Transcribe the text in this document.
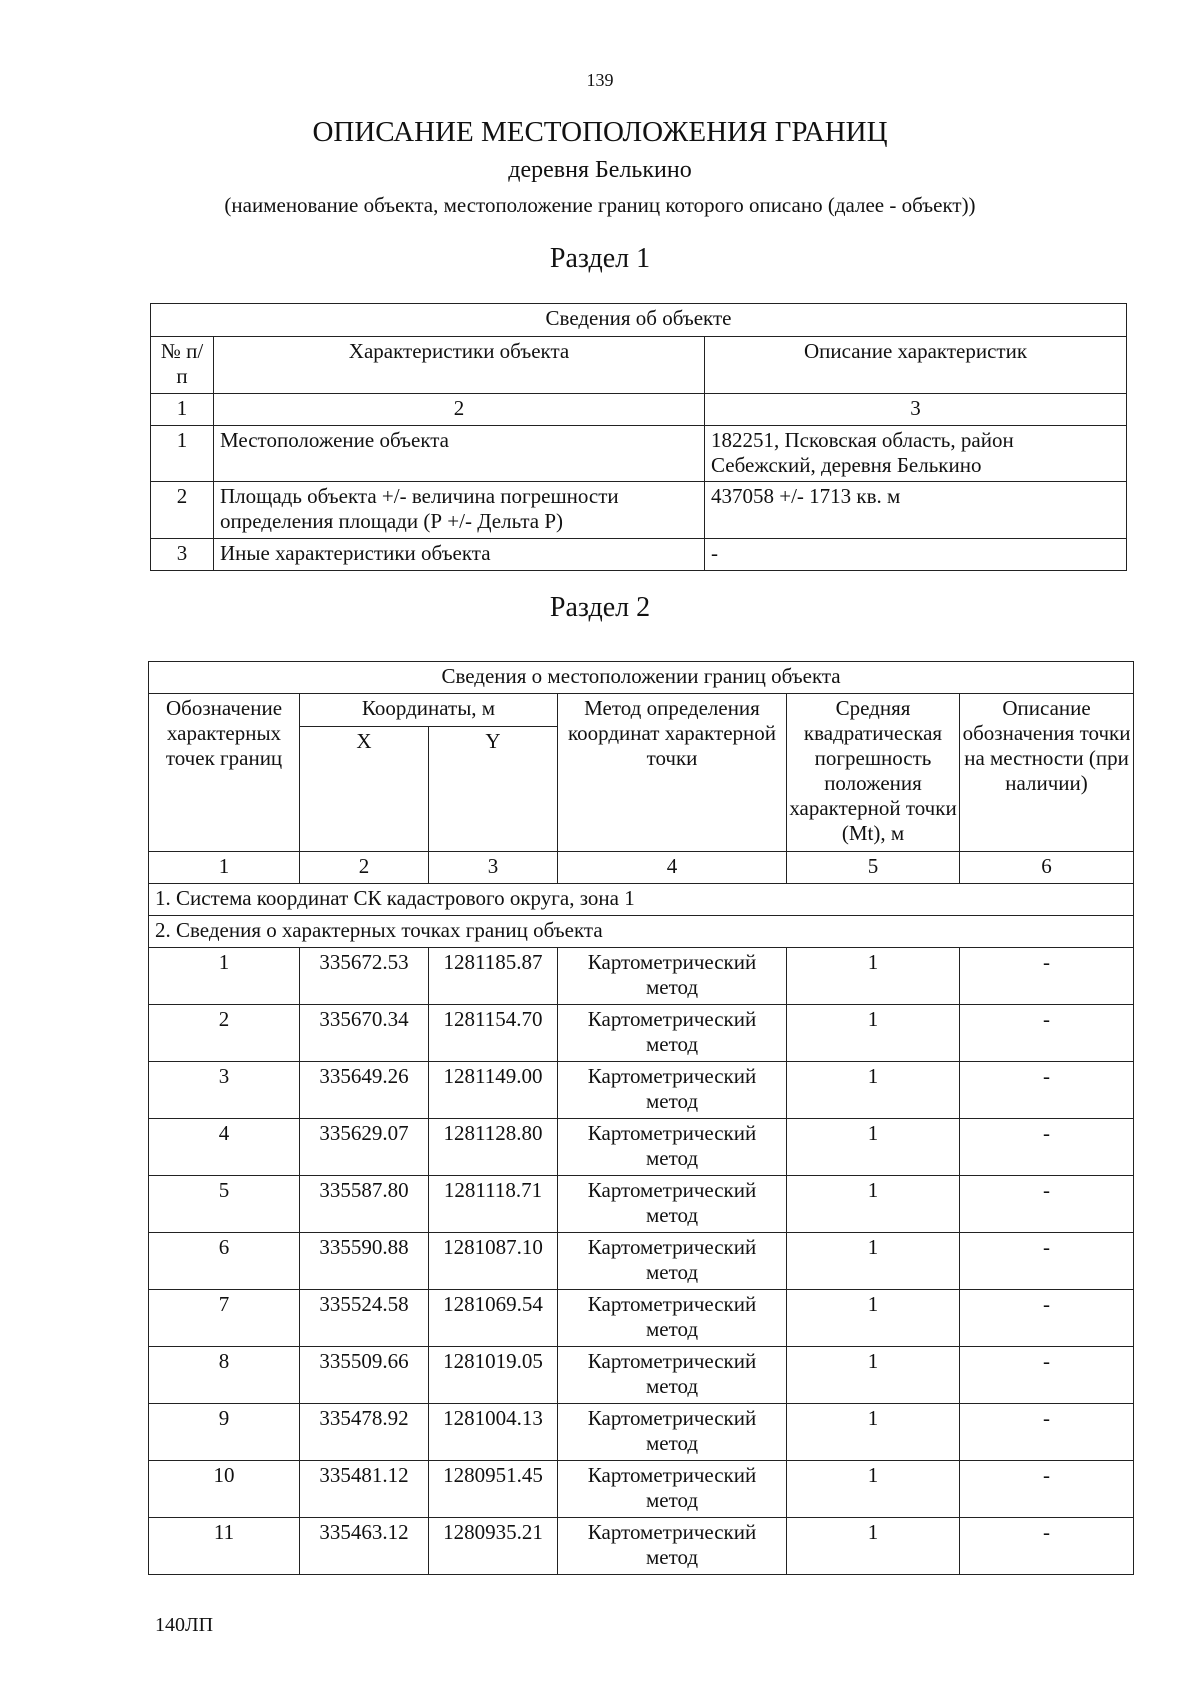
139
ОПИСАНИЕ МЕСТОПОЛОЖЕНИЯ ГРАНИЦ
деревня Белькино
(наименование объекта, местоположение границ которого описано (далее - объект))
Раздел 1
Сведения об объекте		
№ п/п	Характеристики объекта	Описание характеристик
1	2	3
1	Местоположение объекта	182251, Псковская область, район Себежский, деревня Белькино
2	Площадь объекта +/- величина погрешности определения площади (Р +/- Дельта Р)	437058 +/- 1713 кв. м
3	Иные характеристики объекта	-
Раздел 2
Сведения о местоположении границ объекта					
Обозначение характерных точек границ	Координаты, м		Метод определения координат характерной точки	Средняя квадратическая погрешность положения характерной точки (Mt), м	Описание обозначения точки на местности (при наличии)
	X	Y			
1	2	3	4	5	6
1. Система координат СК кадастрового округа, зона 1					
2. Сведения о характерных точках границ объекта					
1	335672.53	1281185.87	Картометрический метод	1	-
2	335670.34	1281154.70	Картометрический метод	1	-
3	335649.26	1281149.00	Картометрический метод	1	-
4	335629.07	1281128.80	Картометрический метод	1	-
5	335587.80	1281118.71	Картометрический метод	1	-
6	335590.88	1281087.10	Картометрический метод	1	-
7	335524.58	1281069.54	Картометрический метод	1	-
8	335509.66	1281019.05	Картометрический метод	1	-
9	335478.92	1281004.13	Картометрический метод	1	-
10	335481.12	1280951.45	Картометрический метод	1	-
11	335463.12	1280935.21	Картометрический метод	1	-
140ЛП
